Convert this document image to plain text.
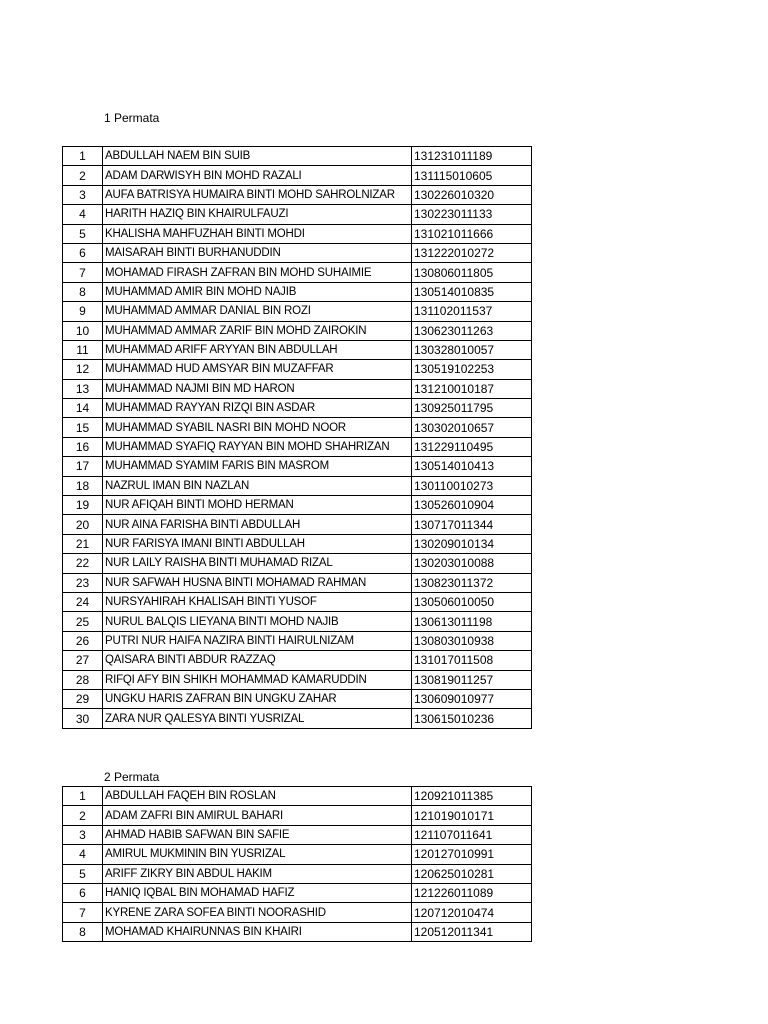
1 Permata
1	ABDULLAH NAEM BIN SUIB	131231011189
2	ADAM DARWISYH BIN MOHD RAZALI	131115010605
3	AUFA BATRISYA HUMAIRA BINTI MOHD SAHROLNIZAR	130226010320
4	HARITH HAZIQ BIN KHAIRULFAUZI	130223011133
5	KHALISHA MAHFUZHAH BINTI MOHDI	131021011666
6	MAISARAH BINTI BURHANUDDIN	131222010272
7	MOHAMAD FIRASH ZAFRAN BIN MOHD SUHAIMIE	130806011805
8	MUHAMMAD AMIR BIN MOHD NAJIB	130514010835
9	MUHAMMAD AMMAR DANIAL BIN ROZI	131102011537
10	MUHAMMAD AMMAR ZARIF BIN MOHD ZAIROKIN	130623011263
11	MUHAMMAD ARIFF ARYYAN BIN ABDULLAH	130328010057
12	MUHAMMAD HUD AMSYAR BIN MUZAFFAR	130519102253
13	MUHAMMAD NAJMI BIN MD HARON	131210010187
14	MUHAMMAD RAYYAN RIZQI BIN ASDAR	130925011795
15	MUHAMMAD SYABIL NASRI BIN MOHD NOOR	130302010657
16	MUHAMMAD SYAFIQ RAYYAN BIN MOHD SHAHRIZAN	131229110495
17	MUHAMMAD SYAMIM FARIS BIN MASROM	130514010413
18	NAZRUL IMAN BIN NAZLAN	130110010273
19	NUR AFIQAH BINTI MOHD HERMAN	130526010904
20	NUR AINA FARISHA BINTI ABDULLAH	130717011344
21	NUR FARISYA IMANI BINTI ABDULLAH	130209010134
22	NUR LAILY RAISHA BINTI MUHAMAD RIZAL	130203010088
23	NUR SAFWAH HUSNA BINTI MOHAMAD RAHMAN	130823011372
24	NURSYAHIRAH KHALISAH BINTI YUSOF	130506010050
25	NURUL BALQIS LIEYANA BINTI MOHD NAJIB	130613011198
26	PUTRI NUR HAIFA NAZIRA BINTI HAIRULNIZAM	130803010938
27	QAISARA BINTI ABDUR RAZZAQ	131017011508
28	RIFQI AFY BIN SHIKH MOHAMMAD KAMARUDDIN	130819011257
29	UNGKU HARIS ZAFRAN BIN UNGKU ZAHAR	130609010977
30	ZARA NUR QALESYA BINTI YUSRIZAL	130615010236
2 Permata
1	ABDULLAH FAQEH BIN ROSLAN	120921011385
2	ADAM ZAFRI BIN AMIRUL BAHARI	121019010171
3	AHMAD HABIB SAFWAN BIN SAFIE	121107011641
4	AMIRUL MUKMININ BIN YUSRIZAL	120127010991
5	ARIFF ZIKRY BIN ABDUL HAKIM	120625010281
6	HANIQ IQBAL BIN MOHAMAD HAFIZ	121226011089
7	KYRENE ZARA SOFEA BINTI NOORASHID	120712010474
8	MOHAMAD KHAIRUNNAS BIN KHAIRI	120512011341
